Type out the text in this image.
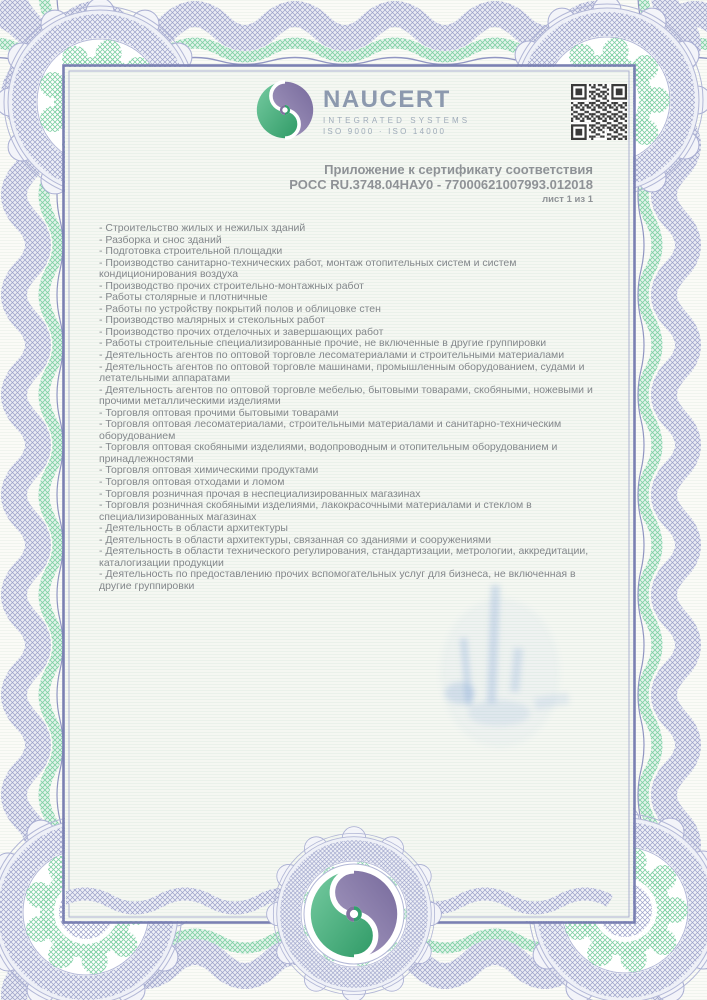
NAUCERT
INTEGRATED SYSTEMS
ISO 9000 · ISO 14000
Приложение к сертификату соответствия
РОСС RU.3748.04НАУ0 - 77000621007993.012018
лист 1 из 1
- Строительство жилых и нежилых зданий
- Разборка и снос зданий
- Подготовка строительной площадки
- Производство санитарно-технических работ, монтаж отопительных систем и систем кондиционирования воздуха
- Производство прочих строительно-монтажных работ
- Работы столярные и плотничные
- Работы по устройству покрытий полов и облицовке стен
- Производство малярных и стекольных работ
- Производство прочих отделочных и завершающих работ
- Работы строительные специализированные прочие, не включенные в другие группировки
- Деятельность агентов по оптовой торговле лесоматериалами и строительными материалами
- Деятельность агентов по оптовой торговле машинами, промышленным оборудованием, судами и летательными аппаратами
- Деятельность агентов по оптовой торговле мебелью, бытовыми товарами, скобяными, ножевыми и прочими металлическими изделиями
- Торговля оптовая прочими бытовыми товарами
- Торговля оптовая лесоматериалами, строительными материалами и санитарно-техническим оборудованием
- Торговля оптовая скобяными изделиями, водопроводным и отопительным оборудованием и принадлежностями
- Торговля оптовая химическими продуктами
- Торговля оптовая отходами и ломом
- Торговля розничная прочая в неспециализированных магазинах
- Торговля розничная скобяными изделиями, лакокрасочными материалами и стеклом в специализированных магазинах
- Деятельность в области архитектуры
- Деятельность в области архитектуры, связанная со зданиями и сооружениями
- Деятельность в области технического регулирования, стандартизации, метрологии, аккредитации, каталогизации продукции
- Деятельность по предоставлению прочих вспомогательных услуг для бизнеса, не включенная в другие группировки
